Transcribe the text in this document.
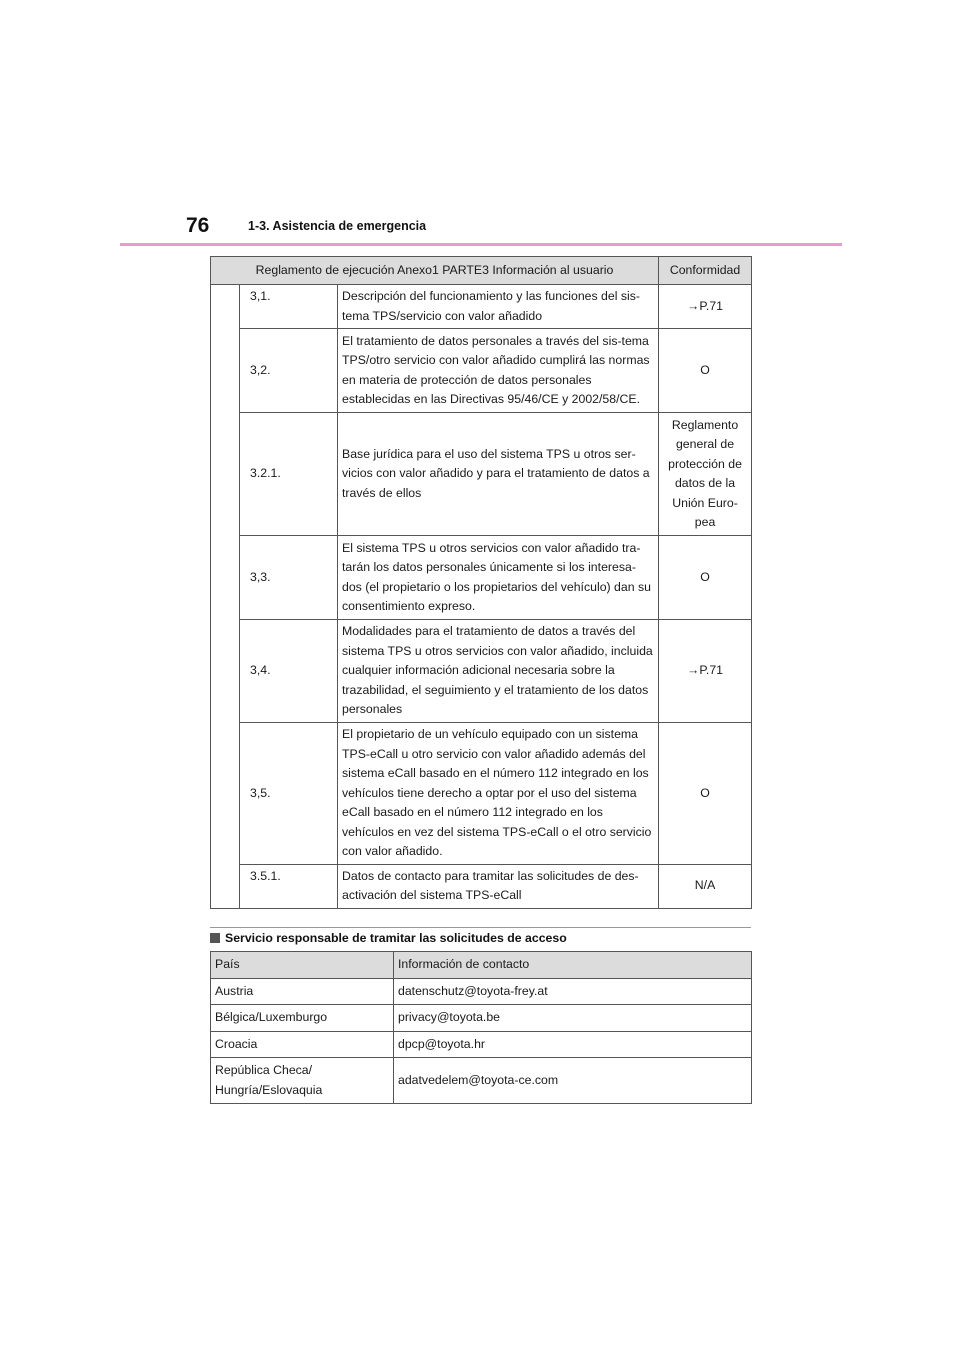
76	1-3. Asistencia de emergencia
Reglamento de ejecución Anexo1 PARTE3 Información al usuario			Conformidad
	3,1.	Descripción del funcionamiento y las funciones del sis-tema TPS/servicio con valor añadido	→P.71
	3,2.	El tratamiento de datos personales a través del sis-tema TPS/otro servicio con valor añadido cumplirá las normas en materia de protección de datos personales establecidas en las Directivas 95/46/CE y 2002/58/CE.	O
	3.2.1.	Base jurídica para el uso del sistema TPS u otros ser-vicios con valor añadido y para el tratamiento de datos a través de ellos	Reglamento general de protección de datos de la Unión Euro-pea
	3,3.	El sistema TPS u otros servicios con valor añadido tra-tarán los datos personales únicamente si los interesa-dos (el propietario o los propietarios del vehículo) dan su consentimiento expreso.	O
	3,4.	Modalidades para el tratamiento de datos a través del sistema TPS u otros servicios con valor añadido, incluida cualquier información adicional necesaria sobre la trazabilidad, el seguimiento y el tratamiento de los datos personales	→P.71
	3,5.	El propietario de un vehículo equipado con un sistema TPS-eCall u otro servicio con valor añadido además del sistema eCall basado en el número 112 integrado en los vehículos tiene derecho a optar por el uso del sistema eCall basado en el número 112 integrado en los vehículos en vez del sistema TPS-eCall o el otro servicio con valor añadido.	O
	3.5.1.	Datos de contacto para tramitar las solicitudes de des-activación del sistema TPS-eCall	N/A
Servicio responsable de tramitar las solicitudes de acceso
País	Información de contacto
Austria	datenschutz@toyota-frey.at
Bélgica/Luxemburgo	privacy@toyota.be
Croacia	dpcp@toyota.hr
República Checa/ Hungría/Eslovaquia	adatvedelem@toyota-ce.com
